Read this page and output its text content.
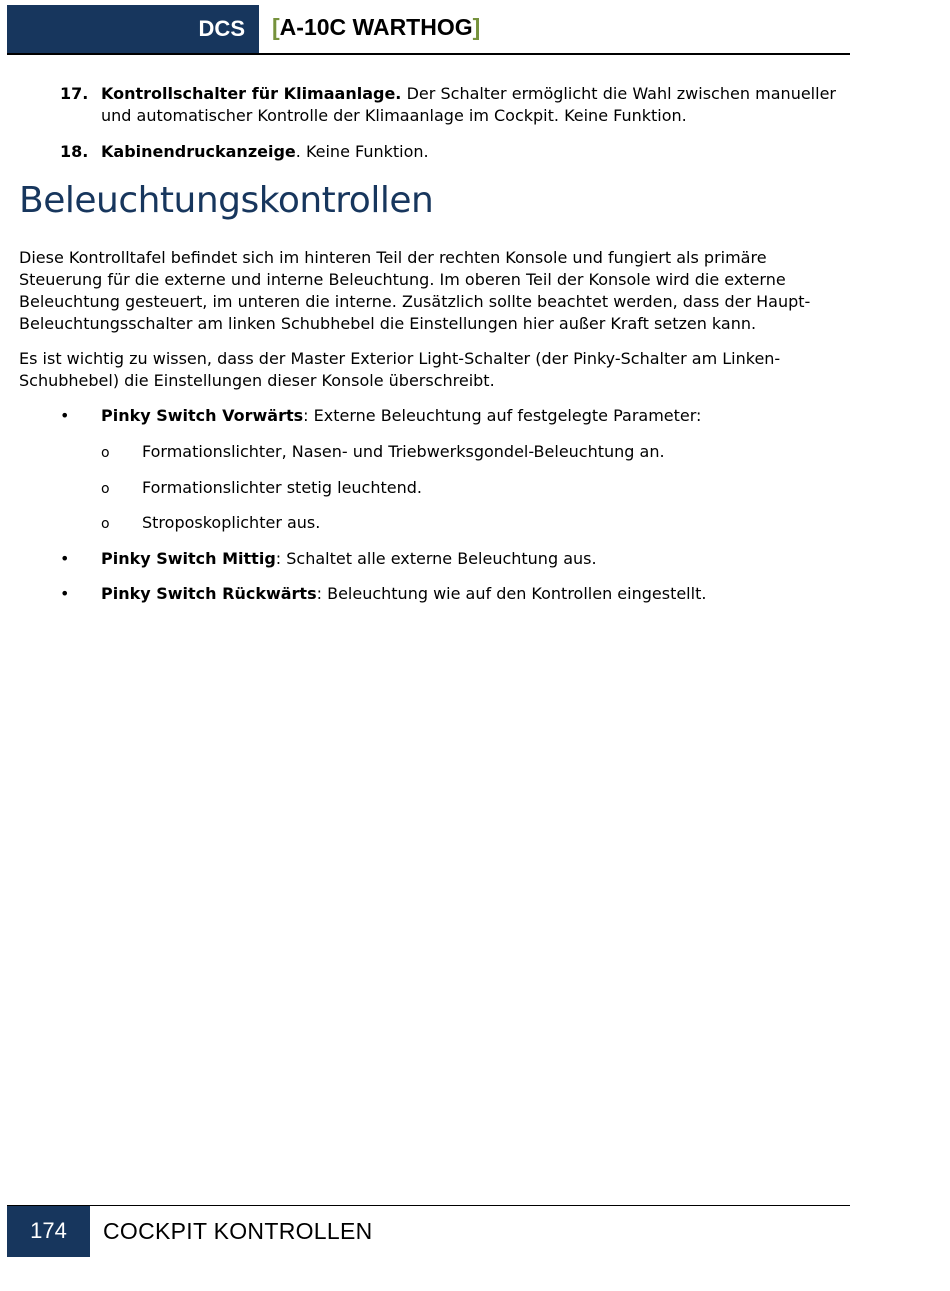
DCS [A-10C WARTHOG]
17. Kontrollschalter für Klimaanlage. Der Schalter ermöglicht die Wahl zwischen manueller und automatischer Kontrolle der Klimaanlage im Cockpit. Keine Funktion.
18. Kabinendruckanzeige. Keine Funktion.
Beleuchtungskontrollen
Diese Kontrolltafel befindet sich im hinteren Teil der rechten Konsole und fungiert als primäre Steuerung für die externe und interne Beleuchtung. Im oberen Teil der Konsole wird die externe Beleuchtung gesteuert, im unteren die interne. Zusätzlich sollte beachtet werden, dass der Haupt-Beleuchtungsschalter am linken Schubhebel die Einstellungen hier außer Kraft setzen kann.
Es ist wichtig zu wissen, dass der Master Exterior Light-Schalter (der Pinky-Schalter am Linken-Schubhebel) die Einstellungen dieser Konsole überschreibt.
• Pinky Switch Vorwärts: Externe Beleuchtung auf festgelegte Parameter:
o Formationslichter, Nasen- und Triebwerksgondel-Beleuchtung an.
o Formationslichter stetig leuchtend.
o Stroposkoplichter aus.
• Pinky Switch Mittig: Schaltet alle externe Beleuchtung aus.
• Pinky Switch Rückwärts: Beleuchtung wie auf den Kontrollen eingestellt.
174	COCKPIT KONTROLLEN
